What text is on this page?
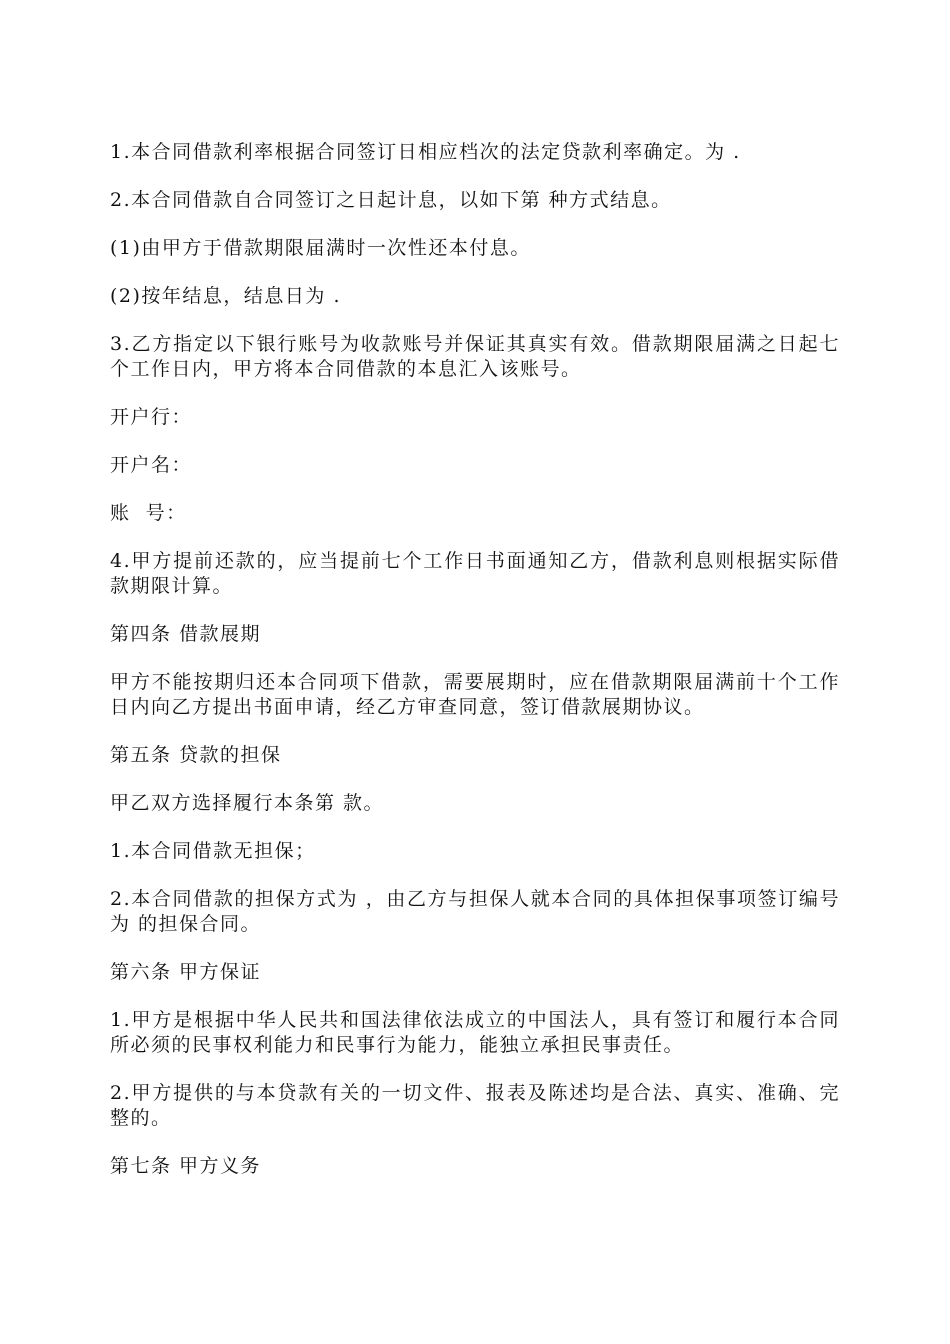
1.本合同借款利率根据合同签订日相应档次的法定贷款利率确定。为 .

2.本合同借款自合同签订之日起计息，以如下第 种方式结息。

(1)由甲方于借款期限届满时一次性还本付息。

(2)按年结息，结息日为 .

3.乙方指定以下银行账号为收款账号并保证其真实有效。借款期限届满之日起七个工作日内，甲方将本合同借款的本息汇入该账号。

开户行：

开户名：

账  号：

4.甲方提前还款的，应当提前七个工作日书面通知乙方，借款利息则根据实际借款期限计算。

第四条 借款展期

甲方不能按期归还本合同项下借款，需要展期时，应在借款期限届满前十个工作日内向乙方提出书面申请，经乙方审查同意，签订借款展期协议。

第五条 贷款的担保

甲乙双方选择履行本条第 款。

1.本合同借款无担保；

2.本合同借款的担保方式为 ，由乙方与担保人就本合同的具体担保事项签订编号为 的担保合同。

第六条 甲方保证

1.甲方是根据中华人民共和国法律依法成立的中国法人，具有签订和履行本合同所必须的民事权利能力和民事行为能力，能独立承担民事责任。

2.甲方提供的与本贷款有关的一切文件、报表及陈述均是合法、真实、准确、完整的。

第七条 甲方义务
